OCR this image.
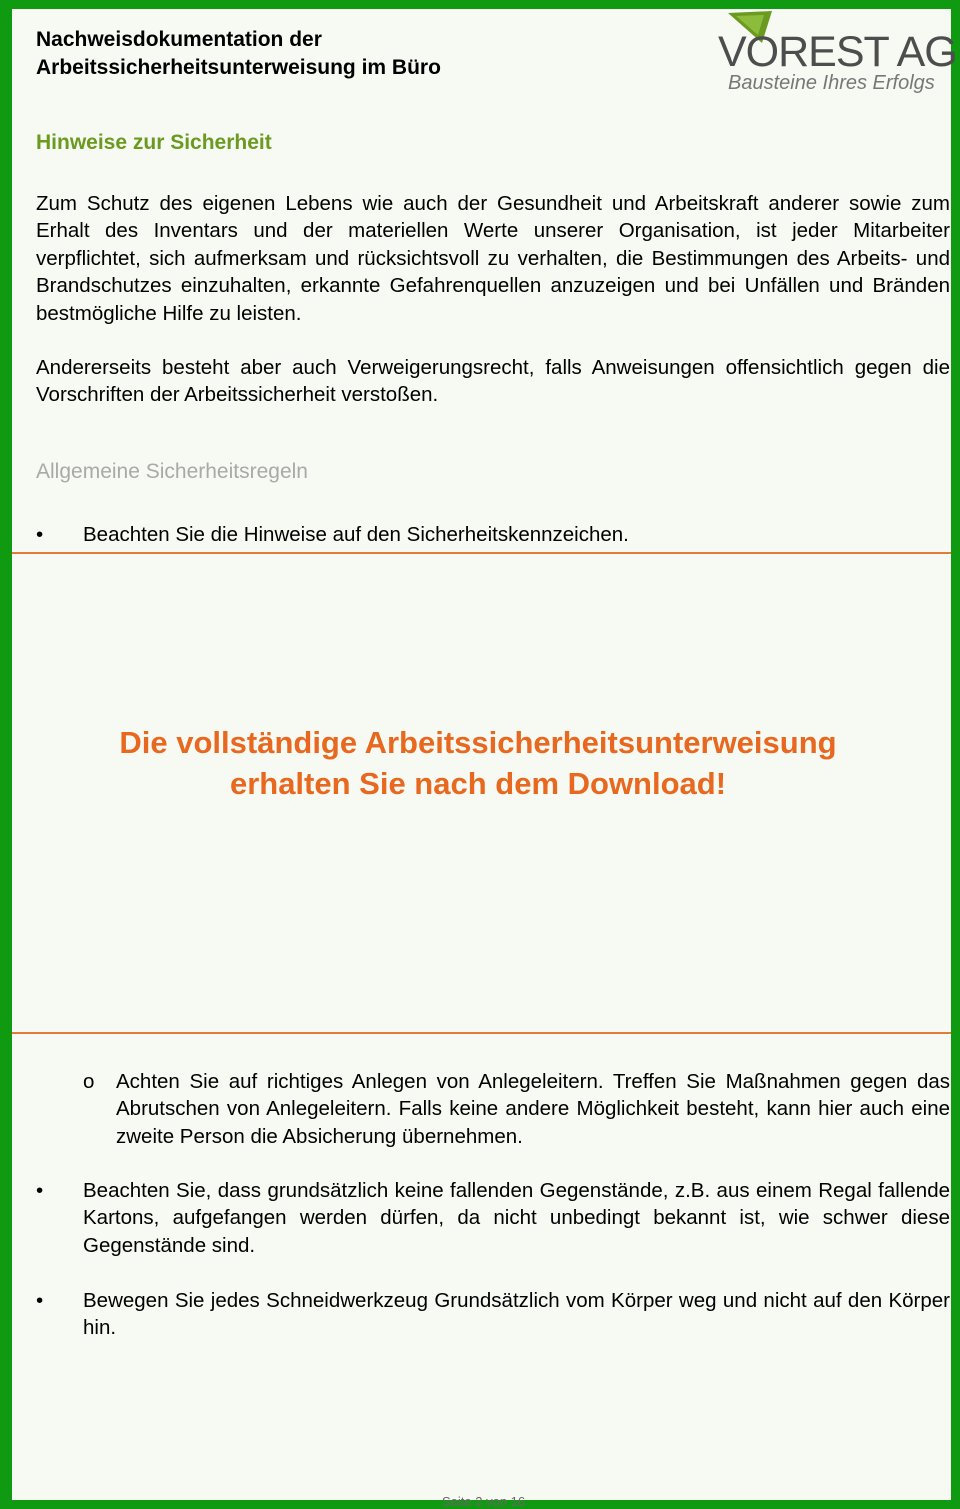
Nachweisdokumentation der
Arbeitssicherheitsunterweisung im Büro	VOREST AG
Bausteine Ihres Erfolgs
Hinweise zur Sicherheit
Zum Schutz des eigenen Lebens wie auch der Gesundheit und Arbeitskraft anderer sowie zum Erhalt des Inventars und der materiellen Werte unserer Organisation, ist jeder Mitarbeiter verpflichtet, sich aufmerksam und rücksichtsvoll zu verhalten, die Bestimmungen des Arbeits- und Brandschutzes einzuhalten, erkannte Gefahrenquellen anzuzeigen und bei Unfällen und Bränden bestmögliche Hilfe zu leisten.
Andererseits besteht aber auch Verweigerungsrecht, falls Anweisungen offensichtlich gegen die Vorschriften der Arbeitssicherheit verstoßen.
Allgemeine Sicherheitsregeln
•	Beachten Sie die Hinweise auf den Sicherheitskennzeichen.
Die vollständige Arbeitssicherheitsunterweisung
erhalten Sie nach dem Download!
o Achten Sie auf richtiges Anlegen von Anlegeleitern. Treffen Sie Maßnahmen gegen das Abrutschen von Anlegeleitern. Falls keine andere Möglichkeit besteht, kann hier auch eine zweite Person die Absicherung übernehmen.
•	Beachten Sie, dass grundsätzlich keine fallenden Gegenstände, z.B. aus einem Regal fallende Kartons, aufgefangen werden dürfen, da nicht unbedingt bekannt ist, wie schwer diese Gegenstände sind.
•	Bewegen Sie jedes Schneidwerkzeug Grundsätzlich vom Körper weg und nicht auf den Körper hin.
Seite 2 von 16
